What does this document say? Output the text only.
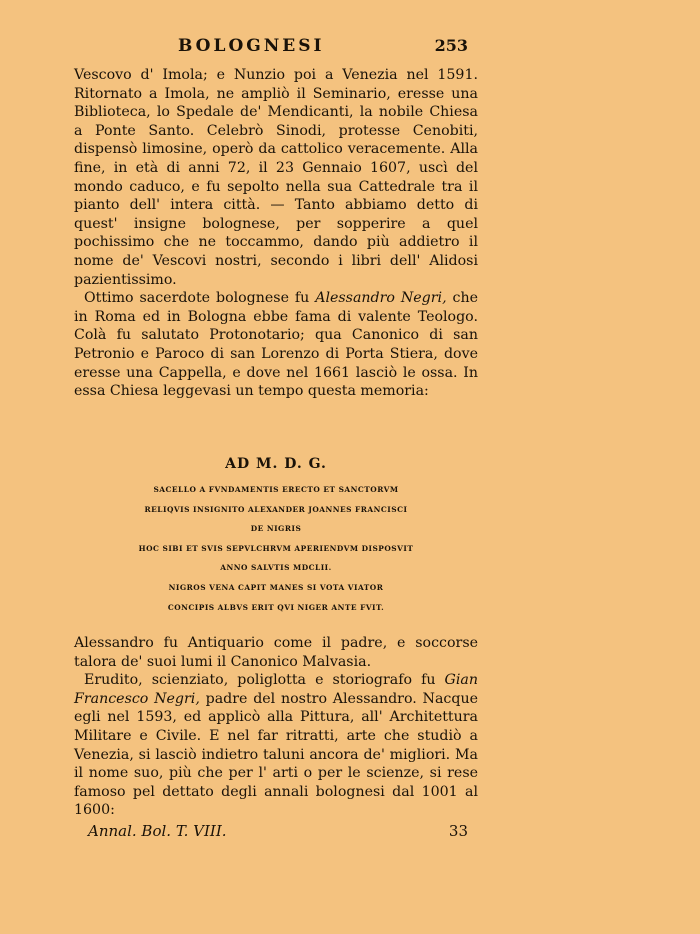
BOLOGNESI	253

Vescovo d' Imola; e Nunzio poi a Venezia nel 1591. Ritornato a Imola, ne ampliò il Seminario, eresse una Biblioteca, lo Spedale de' Mendicanti, la nobile Chiesa a Ponte Santo. Celebrò Sinodi, protesse Cenobiti, dispensò limosine, operò da cattolico veracemente. Alla fine, in età di anni 72, il 23 Gennaio 1607, uscì del mondo caduco, e fu sepolto nella sua Cattedrale tra il pianto dell' intera città. — Tanto abbiamo detto di quest' insigne bolognese, per sopperire a quel pochissimo che ne toccammo, dando più addietro il nome de' Vescovi nostri, secondo i libri dell' Alidosi pazientissimo.

Ottimo sacerdote bolognese fu Alessandro Negri, che in Roma ed in Bologna ebbe fama di valente Teologo. Colà fu salutato Protonotario; qua Canonico di san Petronio e Paroco di san Lorenzo di Porta Stiera, dove eresse una Cappella, e dove nel 1661 lasciò le ossa. In essa Chiesa leggevasi un tempo questa memoria:

AD M. D. G.
SACELLO A FVNDAMENTIS ERECTO ET SANCTORVM
RELIQVIS INSIGNITO ALEXANDER JOANNES FRANCISCI
DE NIGRIS
HOC SIBI ET SVIS SEPVLCHRVM APERIENDVM DISPOSVIT
ANNO SALVTIS MDCLII.
NIGROS VENA CAPIT MANES SI VOTA VIATOR
CONCIPIS ALBVS ERIT QVI NIGER ANTE FVIT.

Alessandro fu Antiquario come il padre, e soccorse talora de' suoi lumi il Canonico Malvasia.

Erudito, scienziato, poliglotta e storiografo fu Gian Francesco Negri, padre del nostro Alessandro. Nacque egli nel 1593, ed applicò alla Pittura, all' Architettura Militare e Civile. E nel far ritratti, arte che studiò a Venezia, si lasciò indietro taluni ancora de' migliori. Ma il nome suo, più che per l' arti o per le scienze, si rese famoso pel dettato degli annali bolognesi dal 1001 al 1600:

Annal. Bol. T. VIII.	33
